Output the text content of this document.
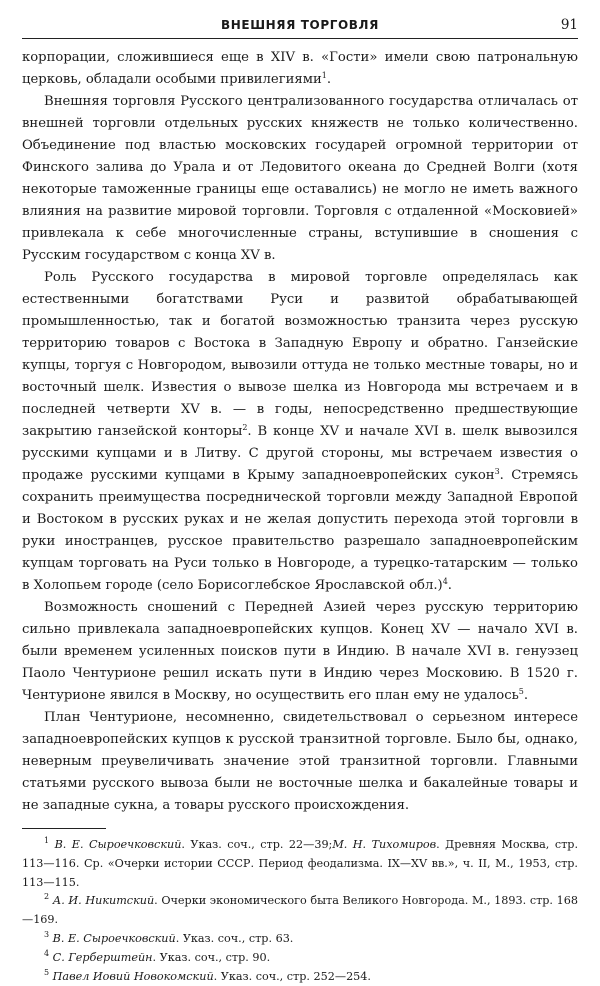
ВНЕШНЯЯ ТОРГОВЛЯ	91

корпорации, сложившиеся еще в XIV в. «Гости» имели свою патрональную церковь, обладали особыми привилегиями$^1$.

Внешняя торговля Русского централизованного государства отличалась от внешней торговли отдельных русских княжеств не только количественно. Объединение под властью московских государей огромной территории от Финского залива до Урала и от Ледовитого океана до Средней Волги (хотя некоторые таможенные границы еще оставались) не могло не иметь важного влияния на развитие мировой торговли. Торговля с отдаленной «Московией» привлекала к себе многочисленные страны, вступившие в сношения с Русским государством с конца XV в.

Роль Русского государства в мировой торговле определялась как естественными богатствами Руси и развитой обрабатывающей промышленностью, так и богатой возможностью транзита через русскую территорию товаров с Востока в Западную Европу и обратно. Ганзейские купцы, торгуя с Новгородом, вывозили оттуда не только местные товары, но и восточный шелк. Известия о вывозе шелка из Новгорода мы встречаем и в последней четверти XV в. — в годы, непосредственно предшествующие закрытию ганзейской конторы$^2$. В конце XV и начале XVI в. шелк вывозился русскими купцами и в Литву. С другой стороны, мы встречаем известия о продаже русскими купцами в Крыму западноевропейских сукон$^3$. Стремясь сохранить преимущества посреднической торговли между Западной Европой и Востоком в русских руках и не желая допустить перехода этой торговли в руки иностранцев, русское правительство разрешало западноевропейским купцам торговать на Руси только в Новгороде, а турецко-татарским — только в Холопьем городе (село Борисоглебское Ярославской обл.)$^4$.

Возможность сношений с Передней Азией через русскую территорию сильно привлекала западноевропейских купцов. Конец XV — начало XVI в. были временем усиленных поисков пути в Индию. В начале XVI в. генуэзец Паоло Чентурионе решил искать пути в Индию через Московию. В 1520 г. Чентурионе явился в Москву, но осуществить его план ему не удалось$^5$.

План Чентурионе, несомненно, свидетельствовал о серьезном интересе западноевропейских купцов к русской транзитной торговле. Было бы, однако, неверным преувеличивать значение этой транзитной торговли. Главными статьями русского вывоза были не восточные шелка и бакалейные товары и не западные сукна, а товары русского происхождения.

$^1$ В. Е. Сыроечковский. Указ. соч., стр. 22—39;М. Н. Тихомиров. Древняя Москва, стр. 113—116. Ср. «Очерки истории СССР. Период феодализма. IX—XV вв.», ч. II, М., 1953, стр. 113—115.

$^2$ А. И. Никитский. Очерки экономического быта Великого Новгорода. М., 1893. стр. 168—169.

$^3$ В. Е. Сыроечковский. Указ. соч., стр. 63.

$^4$ С. Герберштейн. Указ. соч., стр. 90.

$^5$ Павел Иовий Новокомский. Указ. соч., стр. 252—254.
